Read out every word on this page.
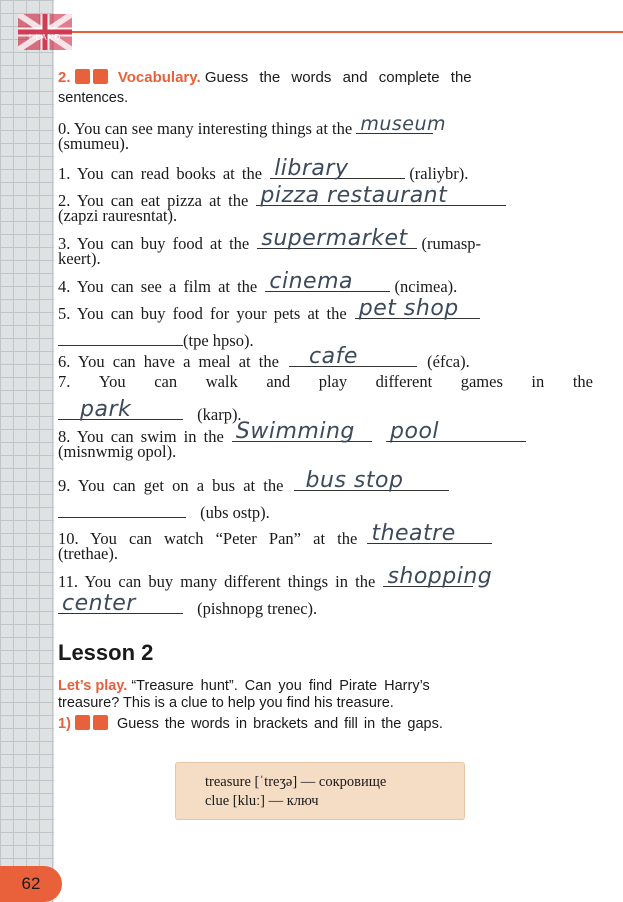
I-LAND
2.	Vocabulary. Guess the words and complete the
sentences.
0. You can see many interesting things at the museum
(smumeu).
1. You can read books at the library	(raliybr).
2. You can eat pizza at the pizza restaurant
(zapzi rauresntat).
3. You can buy food at the supermarket (rumasp-
keert).
4. You can see a film at the cinema	(ncimea).
5. You can buy food for your pets at the pet shop
(tpe hpso).
6. You can have a meal at the cafe	(éfca).
7. You can walk and play different games in the
park	(karp).
8. You can swim in the Swimming
pool
(misnwmig opol).
9. You can get on a bus at the bus stop
(ubs ostp).
10. You can watch “Peter Pan” at the theatre
(trethae).
11. You can buy many different things in the shopping
center	(pishnopg trenec).
Lesson 2
Let’s play. “Treasure hunt”. Can you find Pirate Harry’s
treasure? This is a clue to help you find his treasure.
1)	Guess the words in brackets and fill in the gaps.
treasure [ˈtreʒə] — сокровище
clue [kluː] — ключ
62
